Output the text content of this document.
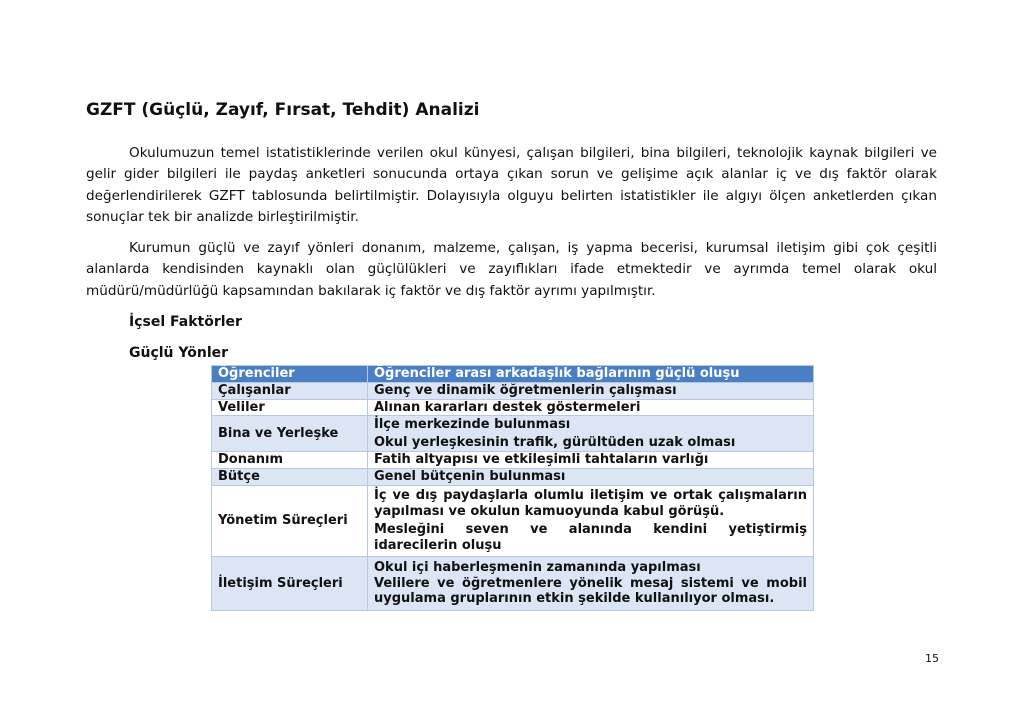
GZFT (Güçlü, Zayıf, Fırsat, Tehdit) Analizi

Okulumuzun temel istatistiklerinde verilen okul künyesi, çalışan bilgileri, bina bilgileri, teknolojik kaynak bilgileri ve gelir gider bilgileri ile paydaş anketleri sonucunda ortaya çıkan sorun ve gelişime açık alanlar iç ve dış faktör olarak değerlendirilerek GZFT tablosunda belirtilmiştir. Dolayısıyla olguyu belirten istatistikler ile algıyı ölçen anketlerden çıkan sonuçlar tek bir analizde birleştirilmiştir.

Kurumun güçlü ve zayıf yönleri donanım, malzeme, çalışan, iş yapma becerisi, kurumsal iletişim gibi çok çeşitli alanlarda kendisinden kaynaklı olan güçlülükleri ve zayıflıkları ifade etmektedir ve ayrımda temel olarak okul müdürü/müdürlüğü kapsamından bakılarak iç faktör ve dış faktör ayrımı yapılmıştır.

İçsel Faktörler
Güçlü Yönler
Öğrenciler	Öğrenciler arası arkadaşlık bağlarının güçlü oluşu
Çalışanlar	Genç ve dinamik öğretmenlerin çalışması
Veliler	Alınan kararları destek göstermeleri
Bina ve Yerleşke	İlçe merkezinde bulunması
Okul yerleşkesinin trafik, gürültüden uzak olması

Donanım	Fatih altyapısı ve etkileşimli tahtaların varlığı
Bütçe	Genel bütçenin bulunması
Yönetim Süreçleri	İç ve dış paydaşlarla olumlu iletişim ve ortak çalışmaların yapılması ve okulun kamuoyunda kabul görüşü.
Mesleğini seven ve alanında kendini yetiştirmiş idarecilerin oluşu

İletişim Süreçleri	Okul içi haberleşmenin zamanında yapılması
Velilere ve öğretmenlere yönelik mesaj sistemi ve mobil uygulama gruplarının etkin şekilde kullanılıyor olması.

15
